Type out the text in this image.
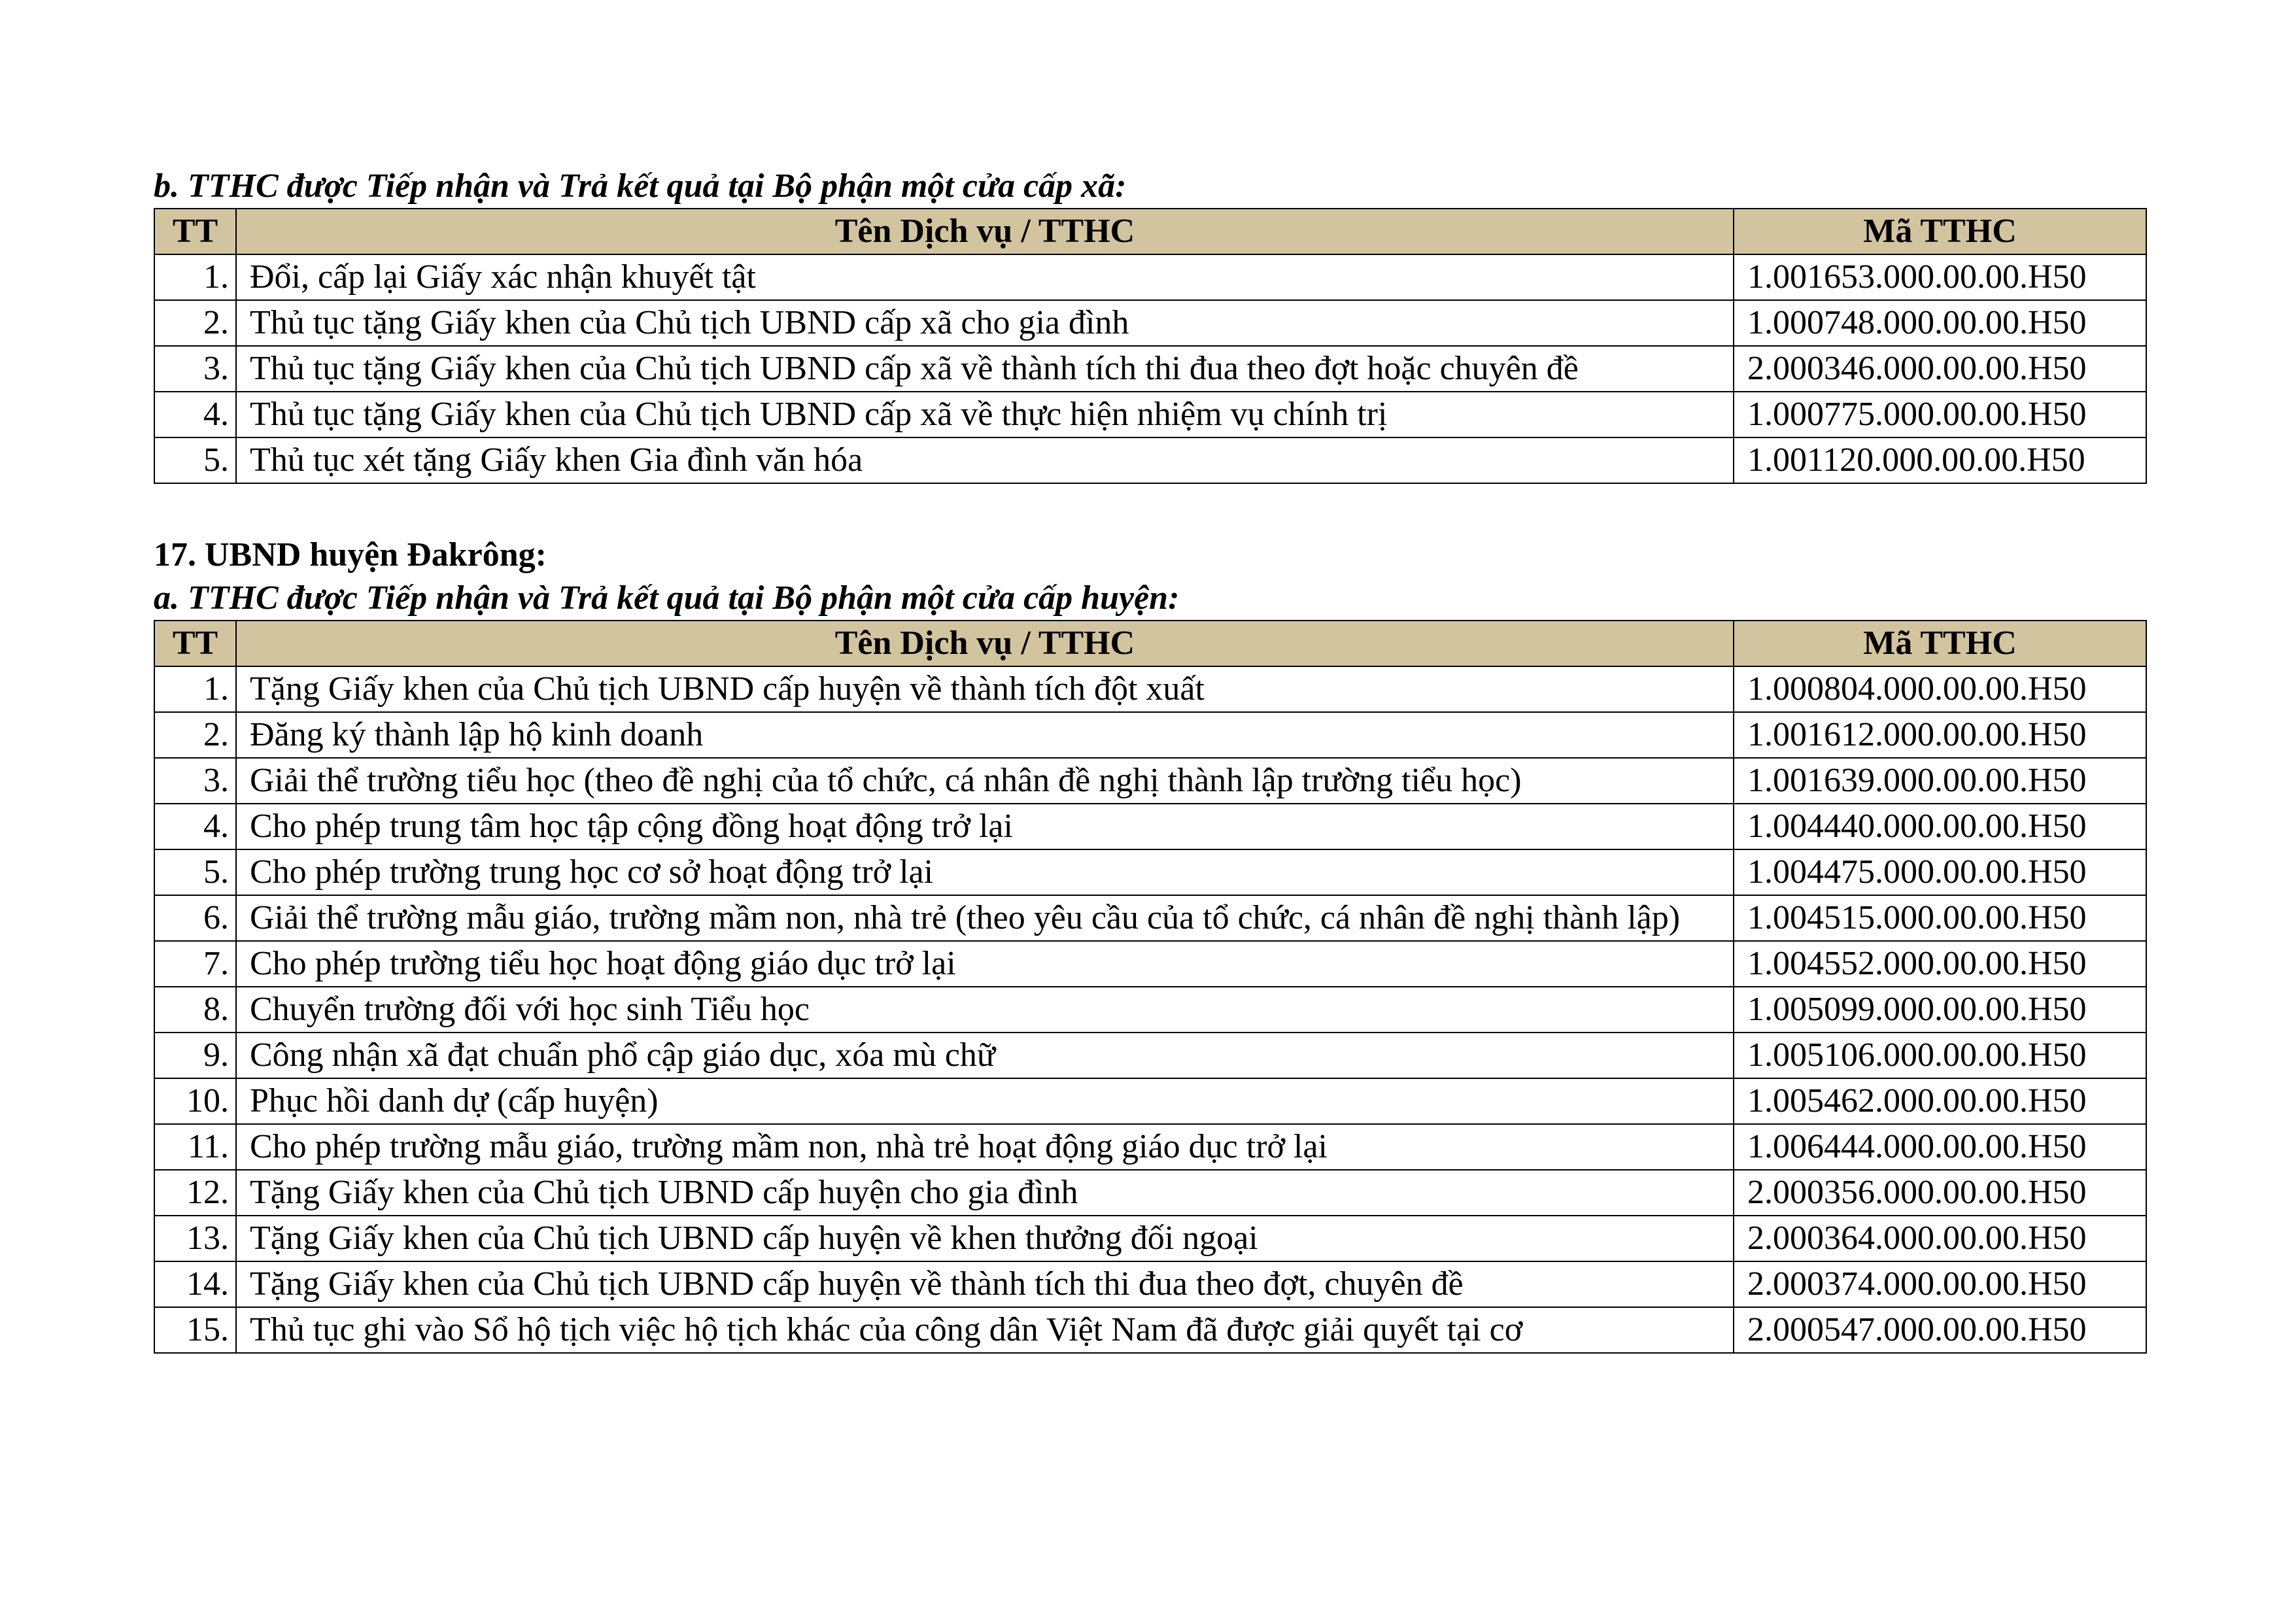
b. TTHC được Tiếp nhận và Trả kết quả tại Bộ phận một cửa cấp xã:

TT	Tên Dịch vụ / TTHC	Mã TTHC
1.	Đổi, cấp lại Giấy xác nhận khuyết tật	1.001653.000.00.00.H50
2.	Thủ tục tặng Giấy khen của Chủ tịch UBND cấp xã cho gia đình	1.000748.000.00.00.H50
3.	Thủ tục tặng Giấy khen của Chủ tịch UBND cấp xã về thành tích thi đua theo đợt hoặc chuyên đề	2.000346.000.00.00.H50
4.	Thủ tục tặng Giấy khen của Chủ tịch UBND cấp xã về thực hiện nhiệm vụ chính trị	1.000775.000.00.00.H50
5.	Thủ tục xét tặng Giấy khen Gia đình văn hóa	1.001120.000.00.00.H50

17. UBND huyện Đakrông:

a. TTHC được Tiếp nhận và Trả kết quả tại Bộ phận một cửa cấp huyện:

TT	Tên Dịch vụ / TTHC	Mã TTHC
1.	Tặng Giấy khen của Chủ tịch UBND cấp huyện về thành tích đột xuất	1.000804.000.00.00.H50
2.	Đăng ký thành lập hộ kinh doanh	1.001612.000.00.00.H50
3.	Giải thể trường tiểu học (theo đề nghị của tổ chức, cá nhân đề nghị thành lập trường tiểu học)	1.001639.000.00.00.H50
4.	Cho phép trung tâm học tập cộng đồng hoạt động trở lại	1.004440.000.00.00.H50
5.	Cho phép trường trung học cơ sở hoạt động trở lại	1.004475.000.00.00.H50
6.	Giải thể trường mẫu giáo, trường mầm non, nhà trẻ (theo yêu cầu của tổ chức, cá nhân đề nghị thành lập)	1.004515.000.00.00.H50
7.	Cho phép trường tiểu học hoạt động giáo dục trở lại	1.004552.000.00.00.H50
8.	Chuyển trường đối với học sinh Tiểu học	1.005099.000.00.00.H50
9.	Công nhận xã đạt chuẩn phổ cập giáo dục, xóa mù chữ	1.005106.000.00.00.H50
10.	Phục hồi danh dự (cấp huyện)	1.005462.000.00.00.H50
11.	Cho phép trường mẫu giáo, trường mầm non, nhà trẻ hoạt động giáo dục trở lại	1.006444.000.00.00.H50
12.	Tặng Giấy khen của Chủ tịch UBND cấp huyện cho gia đình	2.000356.000.00.00.H50
13.	Tặng Giấy khen của Chủ tịch UBND cấp huyện về khen thưởng đối ngoại	2.000364.000.00.00.H50
14.	Tặng Giấy khen của Chủ tịch UBND cấp huyện về thành tích thi đua theo đợt, chuyên đề	2.000374.000.00.00.H50
15.	Thủ tục ghi vào Sổ hộ tịch việc hộ tịch khác của công dân Việt Nam đã được giải quyết tại cơ	2.000547.000.00.00.H50
